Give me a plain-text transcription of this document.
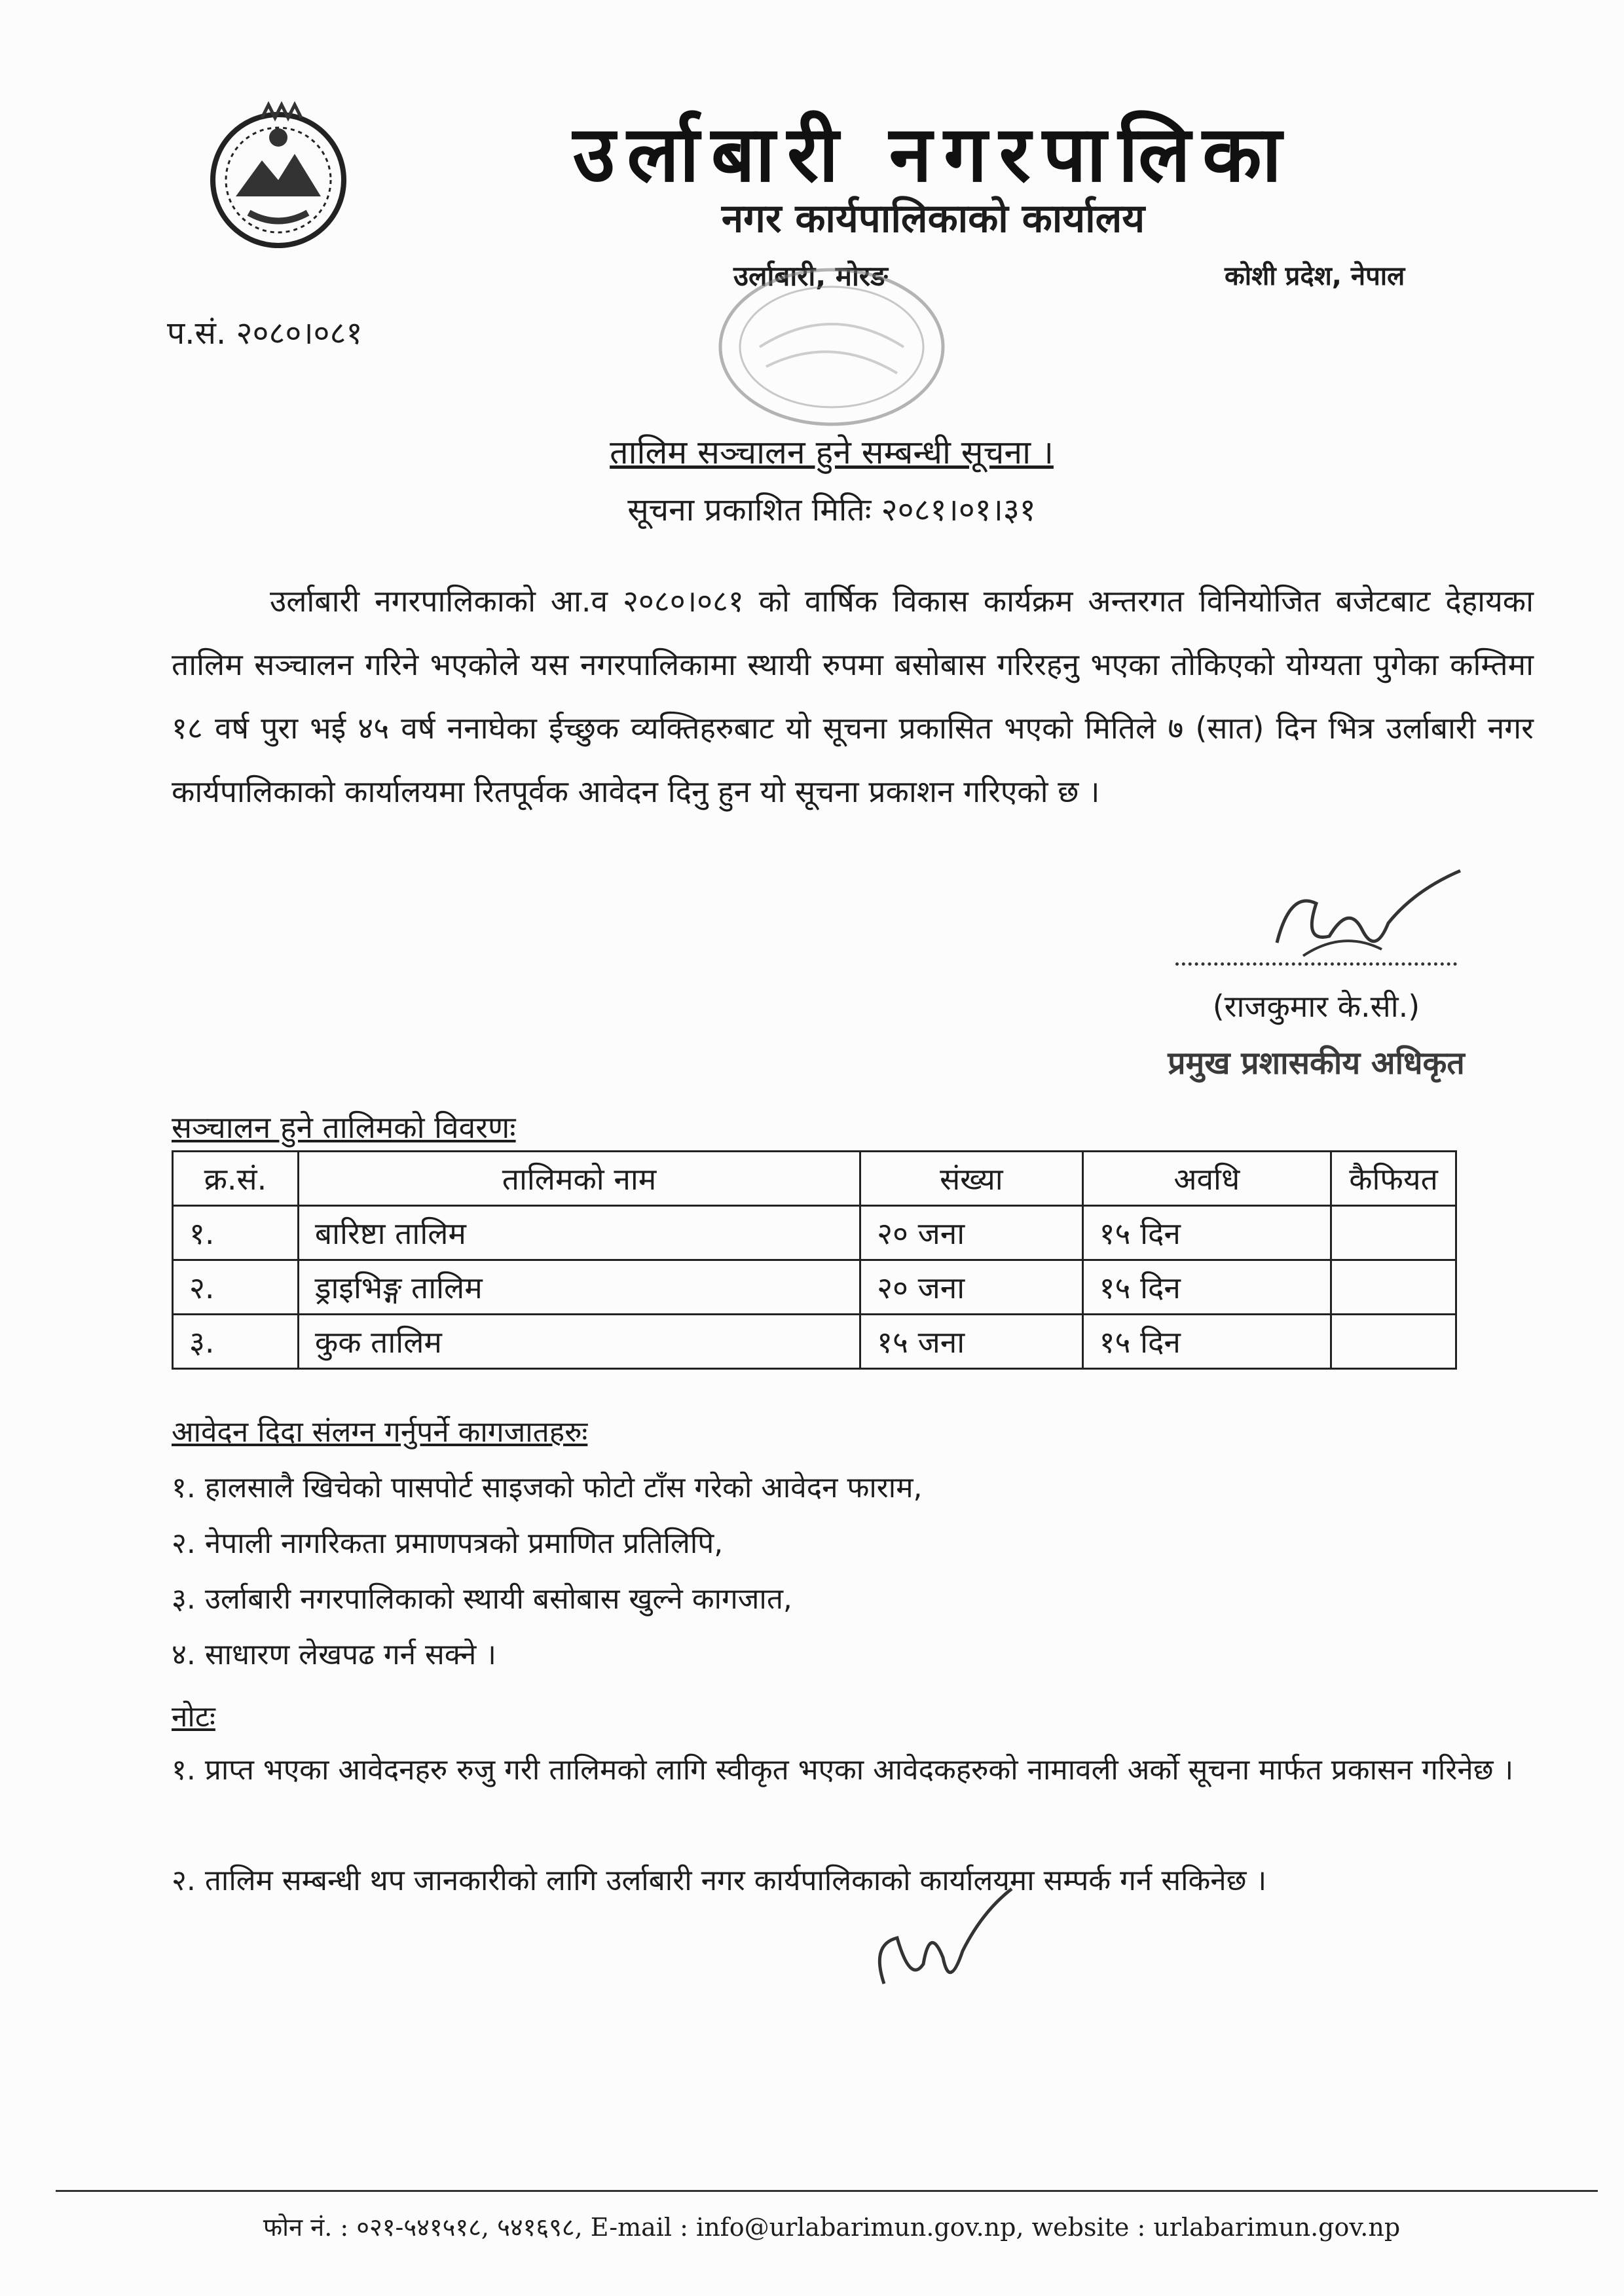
उर्लाबारी नगरपालिका
नगर कार्यपालिकाको कार्यालय
उर्लाबारी, मोरङ	कोशी प्रदेश, नेपाल
प.सं. २०८०।०८१
तालिम सञ्चालन हुने सम्बन्धी सूचना ।
सूचना प्रकाशित मितिः २०८१।०१।३१
उर्लाबारी नगरपालिकाको आ.व २०८०।०८१ को वार्षिक विकास कार्यक्रम अन्तरगत विनियोजित बजेटबाट देहायका तालिम सञ्चालन गरिने भएकोले यस नगरपालिकामा स्थायी रुपमा बसोबास गरिरहनु भएका तोकिएको योग्यता पुगेका कम्तिमा १८ वर्ष पुरा भई ४५ वर्ष ननाघेका ईच्छुक व्यक्तिहरुबाट यो सूचना प्रकासित भएको मितिले ७ (सात) दिन भित्र उर्लाबारी नगर कार्यपालिकाको कार्यालयमा रितपूर्वक आवेदन दिनु हुन यो सूचना प्रकाशन गरिएको छ ।
(राजकुमार के.सी.)
प्रमुख प्रशासकीय अधिकृत
सञ्चालन हुने तालिमको विवरणः
क्र.सं.	तालिमको नाम	संख्या	अवधि	कैफियत
१.	बारिष्टा तालिम	२० जना	१५ दिन	
२.	ड्राइभिङ्ग तालिम	२० जना	१५ दिन	
३.	कुक तालिम	१५ जना	१५ दिन	
आवेदन दिदा संलग्न गर्नुपर्ने कागजातहरुः
१. हालसालै खिचेको पासपोर्ट साइजको फोटो टाँस गरेको आवेदन फाराम,
२. नेपाली नागरिकता प्रमाणपत्रको प्रमाणित प्रतिलिपि,
३. उर्लाबारी नगरपालिकाको स्थायी बसोबास खुल्ने कागजात,
४. साधारण लेखपढ गर्न सक्ने ।
नोटः
१. प्राप्त भएका आवेदनहरु रुजु गरी तालिमको लागि स्वीकृत भएका आवेदकहरुको नामावली अर्को सूचना मार्फत प्रकासन गरिनेछ ।
२. तालिम सम्बन्धी थप जानकारीको लागि उर्लाबारी नगर कार्यपालिकाको कार्यालयमा सम्पर्क गर्न सकिनेछ ।
फोन नं. : ०२१-५४१५१८, ५४१६९८, E-mail : info@urlabarimun.gov.np, website : urlabarimun.gov.np
